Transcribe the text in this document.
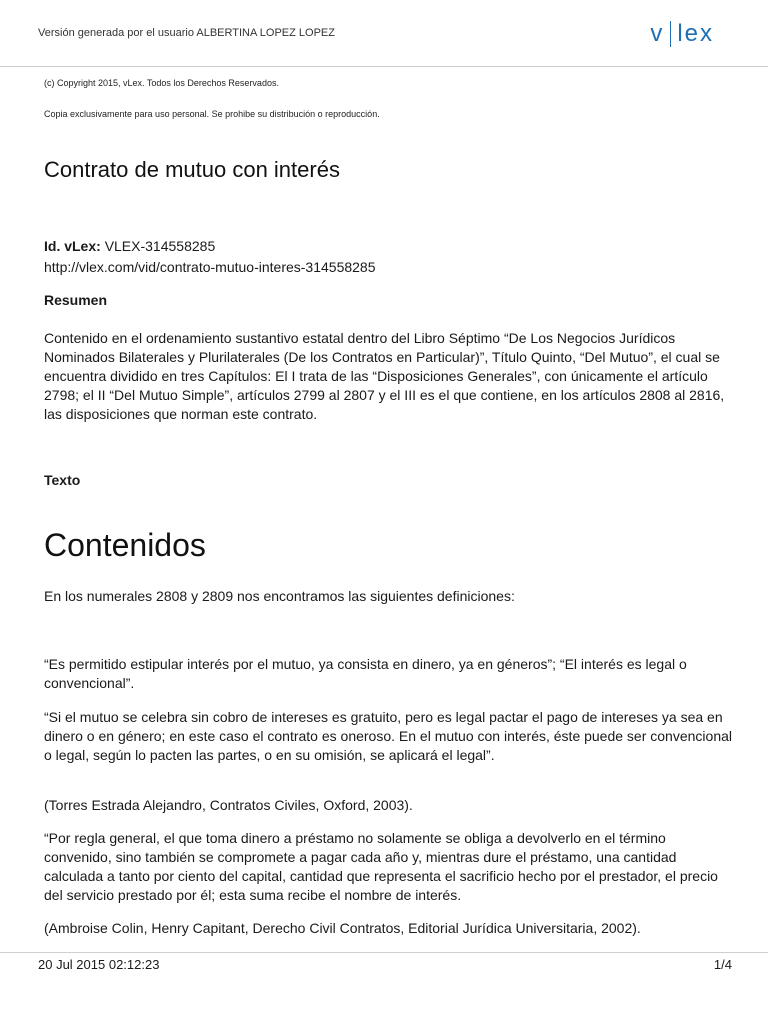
Versión generada por el usuario ALBERTINA LOPEZ LOPEZ	v lex
(c) Copyright 2015, vLex. Todos los Derechos Reservados.
Copia exclusivamente para uso personal. Se prohibe su distribución o reproducción.
Contrato de mutuo con interés
Id. vLex: VLEX-314558285
http://vlex.com/vid/contrato-mutuo-interes-314558285
Resumen
Contenido en el ordenamiento sustantivo estatal dentro del Libro Séptimo “De Los Negocios Jurídicos Nominados Bilaterales y Plurilaterales (De los Contratos en Particular)”, Título Quinto, “Del Mutuo”, el cual se encuentra dividido en tres Capítulos: El I trata de las “Disposiciones Generales”, con únicamente el artículo 2798; el II “Del Mutuo Simple”, artículos 2799 al 2807 y el III es el que contiene, en los artículos 2808 al 2816, las disposiciones que norman este contrato.
Texto
Contenidos
En los numerales 2808 y 2809 nos encontramos las siguientes definiciones:
“Es permitido estipular interés por el mutuo, ya consista en dinero, ya en géneros”; “El interés es legal o convencional”.
“Si el mutuo se celebra sin cobro de intereses es gratuito, pero es legal pactar el pago de intereses ya sea en dinero o en género; en este caso el contrato es oneroso. En el mutuo con interés, éste puede ser convencional o legal, según lo pacten las partes, o en su omisión, se aplicará el legal”.
(Torres Estrada Alejandro, Contratos Civiles, Oxford, 2003).
“Por regla general, el que toma dinero a préstamo no solamente se obliga a devolverlo en el término convenido, sino también se compromete a pagar cada año y, mientras dure el préstamo, una cantidad calculada a tanto por ciento del capital, cantidad que representa el sacrificio hecho por el prestador, el precio del servicio prestado por él; esta suma recibe el nombre de interés.
(Ambroise Colin, Henry Capitant, Derecho Civil Contratos, Editorial Jurídica Universitaria, 2002).
20 Jul 2015 02:12:23	1/4
